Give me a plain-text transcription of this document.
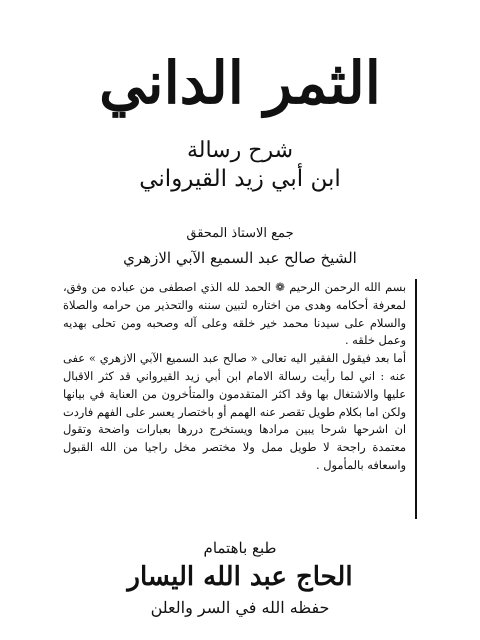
الثمر الداني
شرح رسالة
ابن أبي زيد القيرواني
جمع الاستاذ المحقق
الشيخ صالح عبد السميع الآبي الازهري

بسم الله الرحمن الرحيم ❁ الحمد لله الذي اصطفى من عباده من وفق، لمعرفة أحكامه وهدى من اختاره لتبين سننه والتحذير من حرامه والصلاة والسلام على سيدنا محمد خير خلقه وعلى آله وصحبه ومن تحلى بهديه وعمل خلقه .

أما بعد فيقول الفقير اليه تعالى « صالح عبد السميع الآبي الازهري » عفى عنه : اني لما رأيت رسالة الامام ابن أبي زيد القيرواني قد كثر الاقبال عليها والاشتغال بها وقد اكثر المتقدمون والمتأخرون من العناية في بيانها ولكن اما بكلام طويل تقصر عنه الهمم أو باختصار يعسر على الفهم فاردت ان اشرحها شرحا يبين مرادها ويستخرج دررها بعبارات واضحة وتقول معتمدة راجحة لا طويل ممل ولا مختصر مخل راجيا من الله القبول واسعافه بالمأمول .

طبع باهتمام
الحاج عبد الله اليسار
حفظه الله في السر والعلن
